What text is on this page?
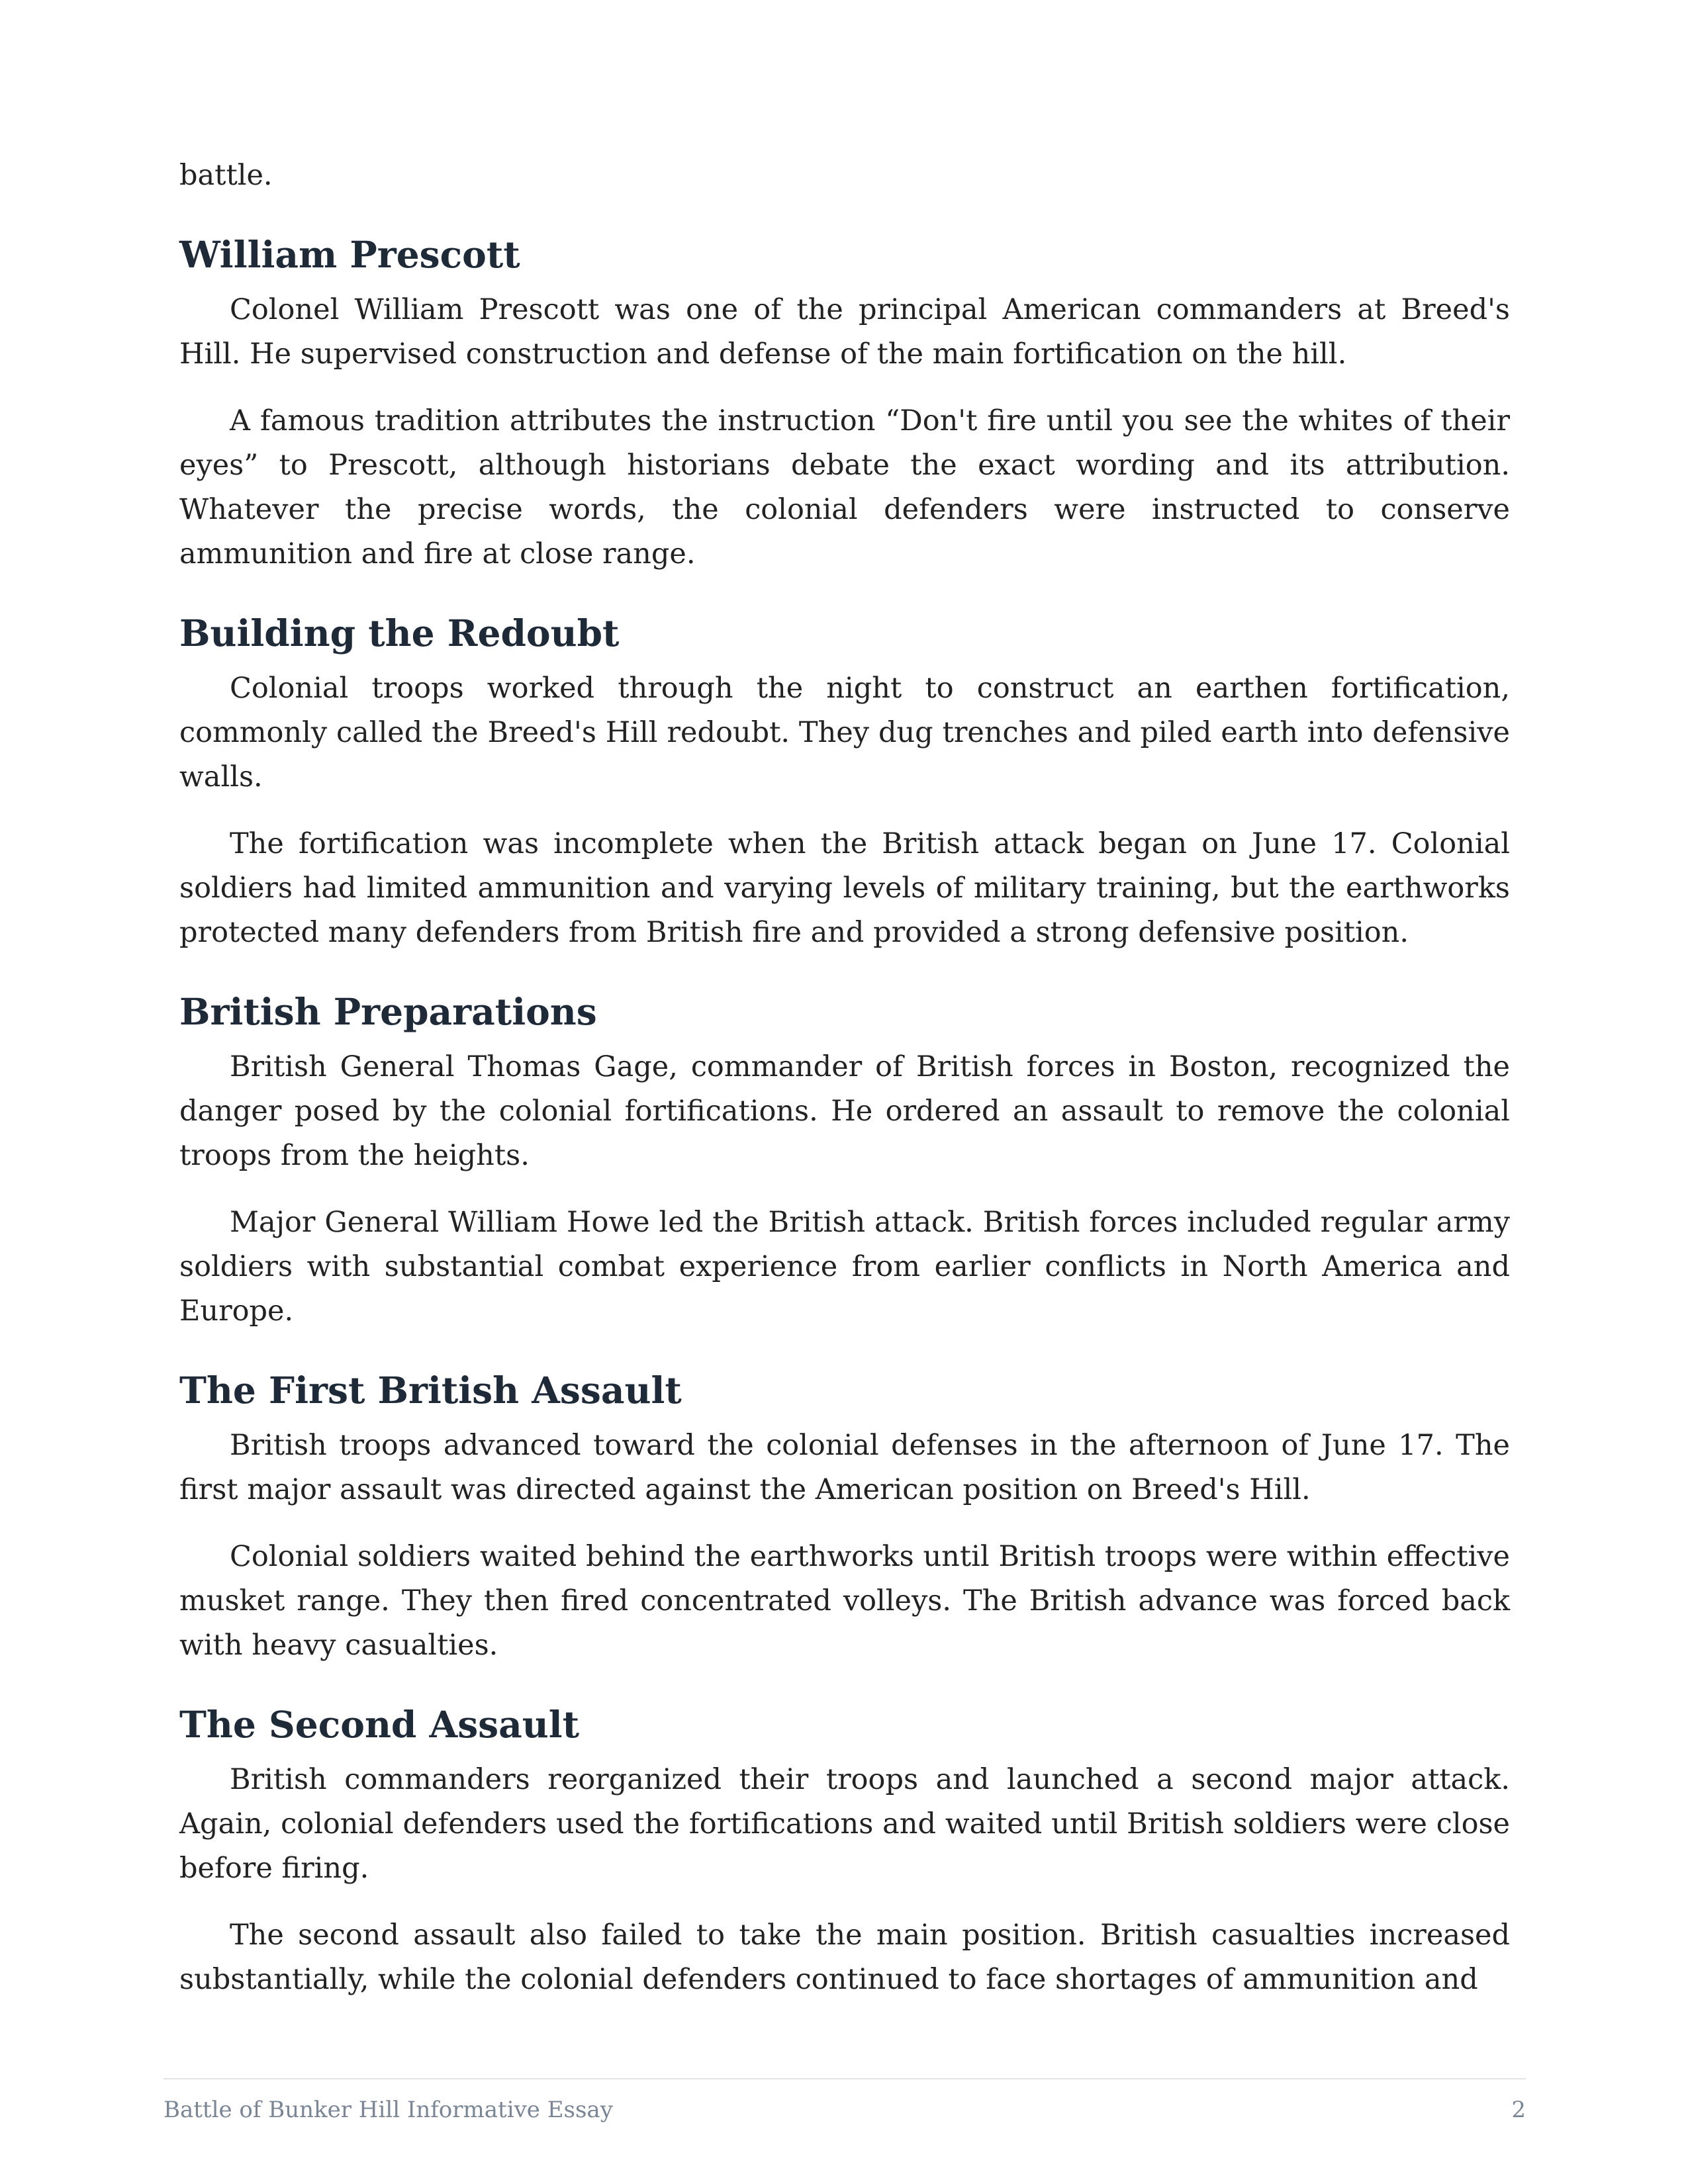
battle.

William Prescott

Colonel William Prescott was one of the principal American commanders at Breed's Hill. He supervised construction and defense of the main fortification on the hill.

A famous tradition attributes the instruction “Don't fire until you see the whites of their eyes” to Prescott, although historians debate the exact wording and its attribution. Whatever the precise words, the colonial defenders were instructed to conserve ammunition and fire at close range.

Building the Redoubt

Colonial troops worked through the night to construct an earthen fortification, commonly called the Breed's Hill redoubt. They dug trenches and piled earth into defensive walls.

The fortification was incomplete when the British attack began on June 17. Colonial soldiers had limited ammunition and varying levels of military training, but the earthworks protected many defenders from British fire and provided a strong defensive position.

British Preparations

British General Thomas Gage, commander of British forces in Boston, recognized the danger posed by the colonial fortifications. He ordered an assault to remove the colonial troops from the heights.

Major General William Howe led the British attack. British forces included regular army soldiers with substantial combat experience from earlier conflicts in North America and Europe.

The First British Assault

British troops advanced toward the colonial defenses in the afternoon of June 17. The first major assault was directed against the American position on Breed's Hill.

Colonial soldiers waited behind the earthworks until British troops were within effective musket range. They then fired concentrated volleys. The British advance was forced back with heavy casualties.

The Second Assault

British commanders reorganized their troops and launched a second major attack. Again, colonial defenders used the fortifications and waited until British soldiers were close before firing.

The second assault also failed to take the main position. British casualties increased substantially, while the colonial defenders continued to face shortages of ammunition and

Battle of Bunker Hill Informative Essay	2
